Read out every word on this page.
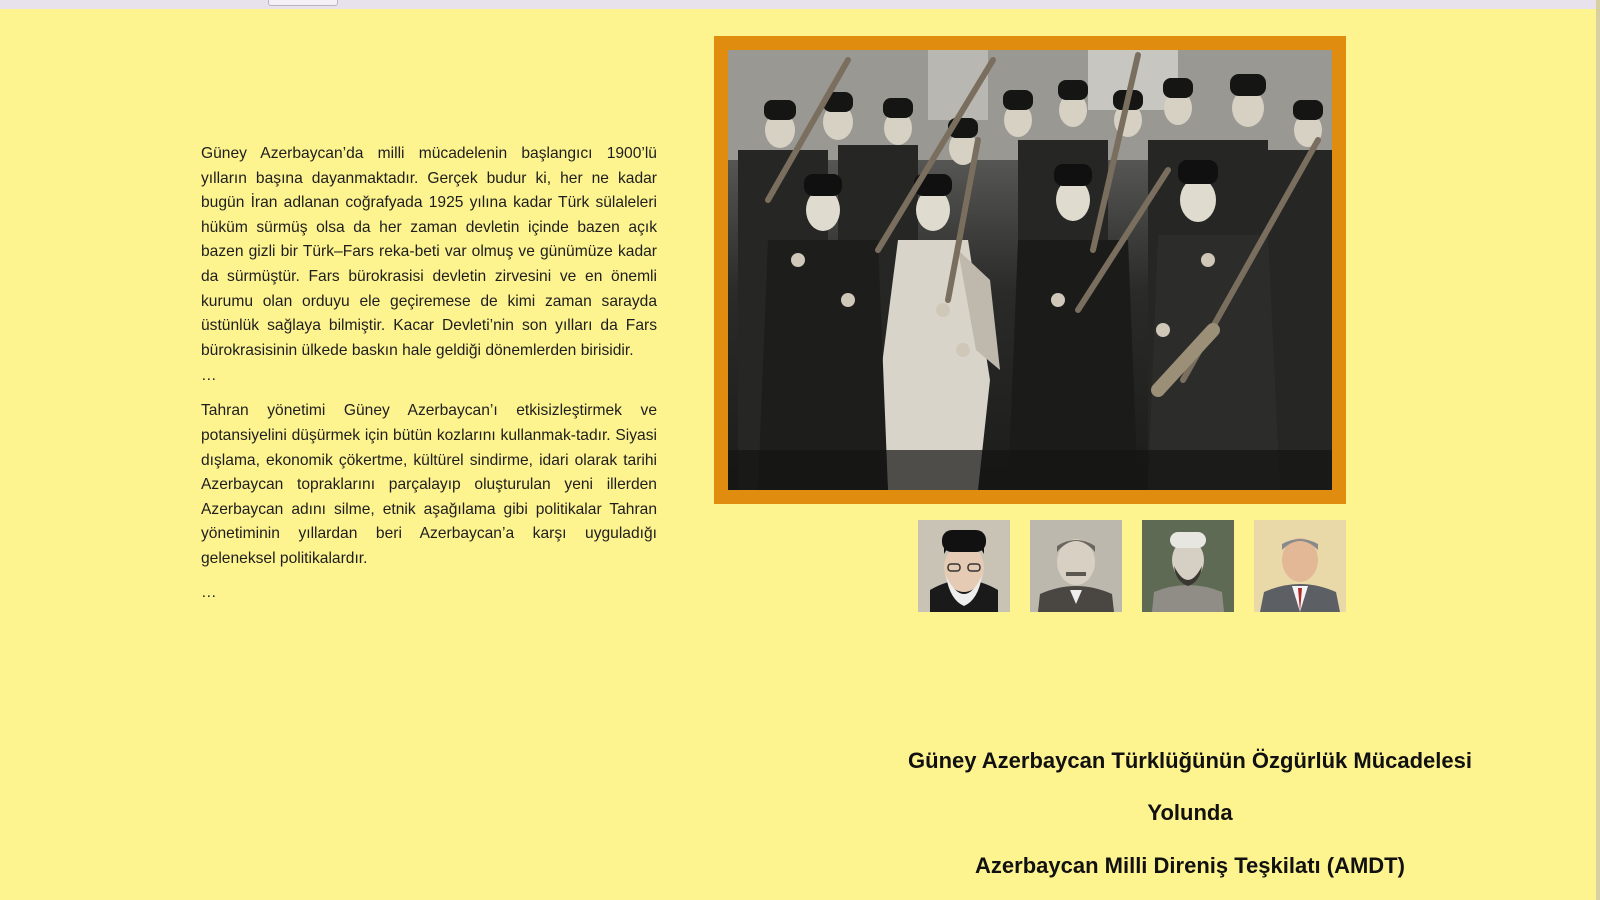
Güney Azerbaycan’da milli mücadelenin başlangıcı 1900’lü yılların başına dayanmaktadır. Gerçek budur ki, her ne kadar bugün İran adlanan coğrafyada 1925 yılına kadar Türk sülaleleri hüküm sürmüş olsa da her zaman devletin içinde bazen açık bazen gizli bir Türk–Fars reka-beti var olmuş ve günümüze kadar da sürmüştür. Fars bürokrasisi devletin zirvesini ve en önemli kurumu olan orduyu ele geçiremese de kimi zaman sarayda üstünlük sağlaya bilmiştir. Kacar Devleti’nin son yılları da Fars bürokrasisinin ülkede baskın hale geldiği dönemlerden birisidir.

…

Tahran yönetimi Güney Azerbaycan’ı etkisizleştirmek ve potansiyelini düşürmek için bütün kozlarını kullanmak-tadır. Siyasi dışlama, ekonomik çökertme, kültürel sindirme, idari olarak tarihi Azerbaycan topraklarını parçalayıp oluşturulan yeni illerden Azerbaycan adını silme, etnik aşağılama gibi politikalar Tahran yönetiminin yıllardan beri Azerbaycan’a karşı uyguladığı geleneksel politikalardır.

…
Güney Azerbaycan Türklüğünün Özgürlük Mücadelesi
Yolunda
Azerbaycan Milli Direniş Teşkilatı (AMDT)
